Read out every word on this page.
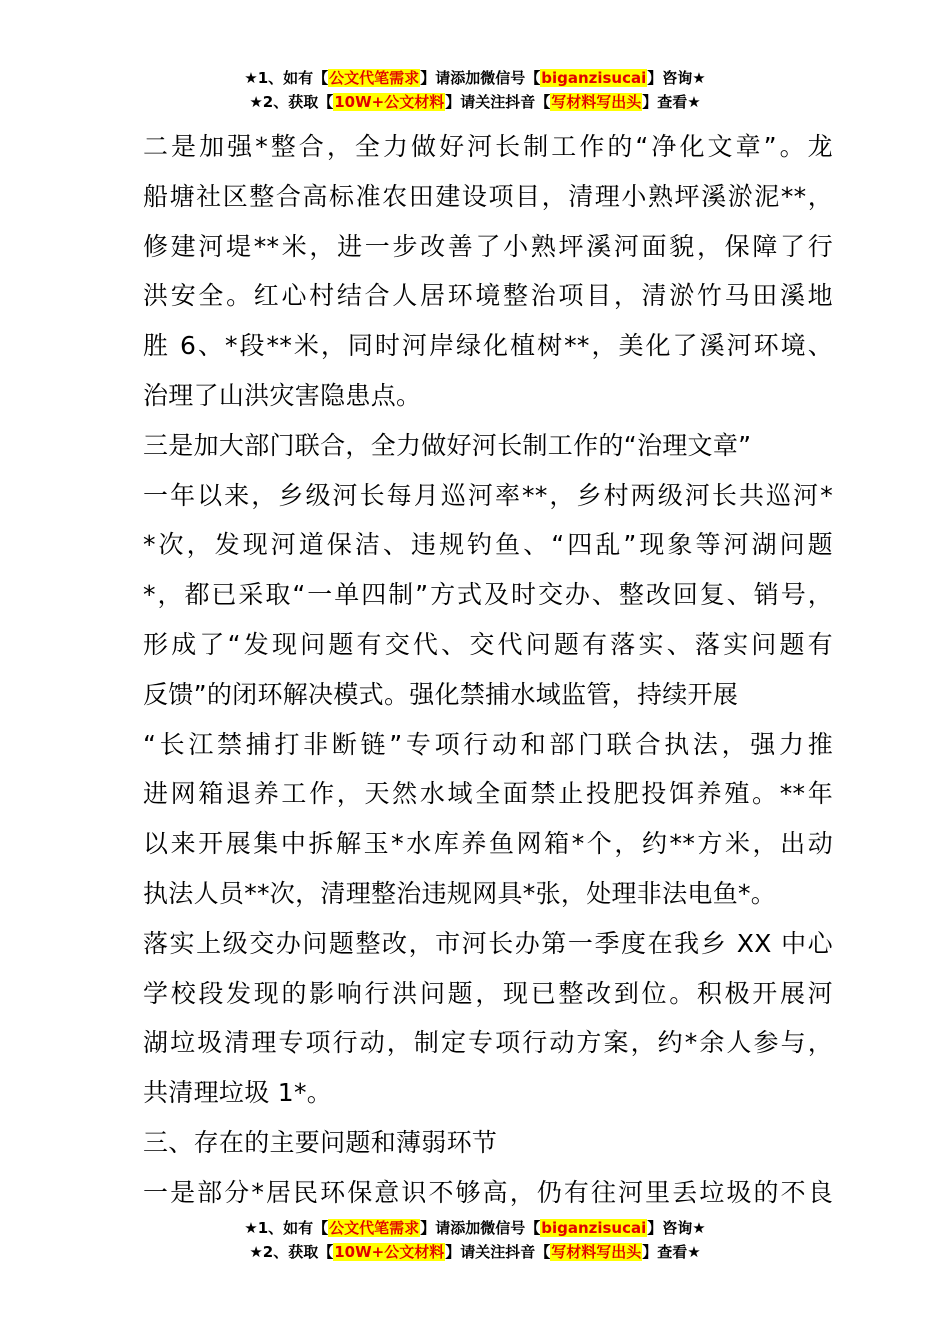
★1、如有【公文代笔需求】请添加微信号【biganzisucai】咨询★
★2、获取【10W+公文材料】请关注抖音【写材料写出头】查看★
二是加强*整合，全力做好河长制工作的“净化文章”。龙
船塘社区整合高标准农田建设项目，清理小熟坪溪淤泥**，
修建河堤**米，进一步改善了小熟坪溪河面貌，保障了行
洪安全。红心村结合人居环境整治项目，清淤竹马田溪地
胜 6、*段**米，同时河岸绿化植树**，美化了溪河环境、
治理了山洪灾害隐患点。
三是加大部门联合，全力做好河长制工作的“治理文章”
一年以来，乡级河长每月巡河率**，乡村两级河长共巡河*
*次，发现河道保洁、违规钓鱼、“四乱”现象等河湖问题
*，都已采取“一单四制”方式及时交办、整改回复、销号，
形成了“发现问题有交代、交代问题有落实、落实问题有
反馈”的闭环解决模式。强化禁捕水域监管，持续开展
“长江禁捕打非断链”专项行动和部门联合执法，强力推
进网箱退养工作，天然水域全面禁止投肥投饵养殖。**年
以来开展集中拆解玉*水库养鱼网箱*个，约**方米，出动
执法人员**次，清理整治违规网具*张，处理非法电鱼*。
落实上级交办问题整改，市河长办第一季度在我乡 XX 中心
学校段发现的影响行洪问题，现已整改到位。积极开展河
湖垃圾清理专项行动，制定专项行动方案，约*余人参与，
共清理垃圾 1*。
三、存在的主要问题和薄弱环节
一是部分*居民环保意识不够高，仍有往河里丢垃圾的不良
★1、如有【公文代笔需求】请添加微信号【biganzisucai】咨询★
★2、获取【10W+公文材料】请关注抖音【写材料写出头】查看★
